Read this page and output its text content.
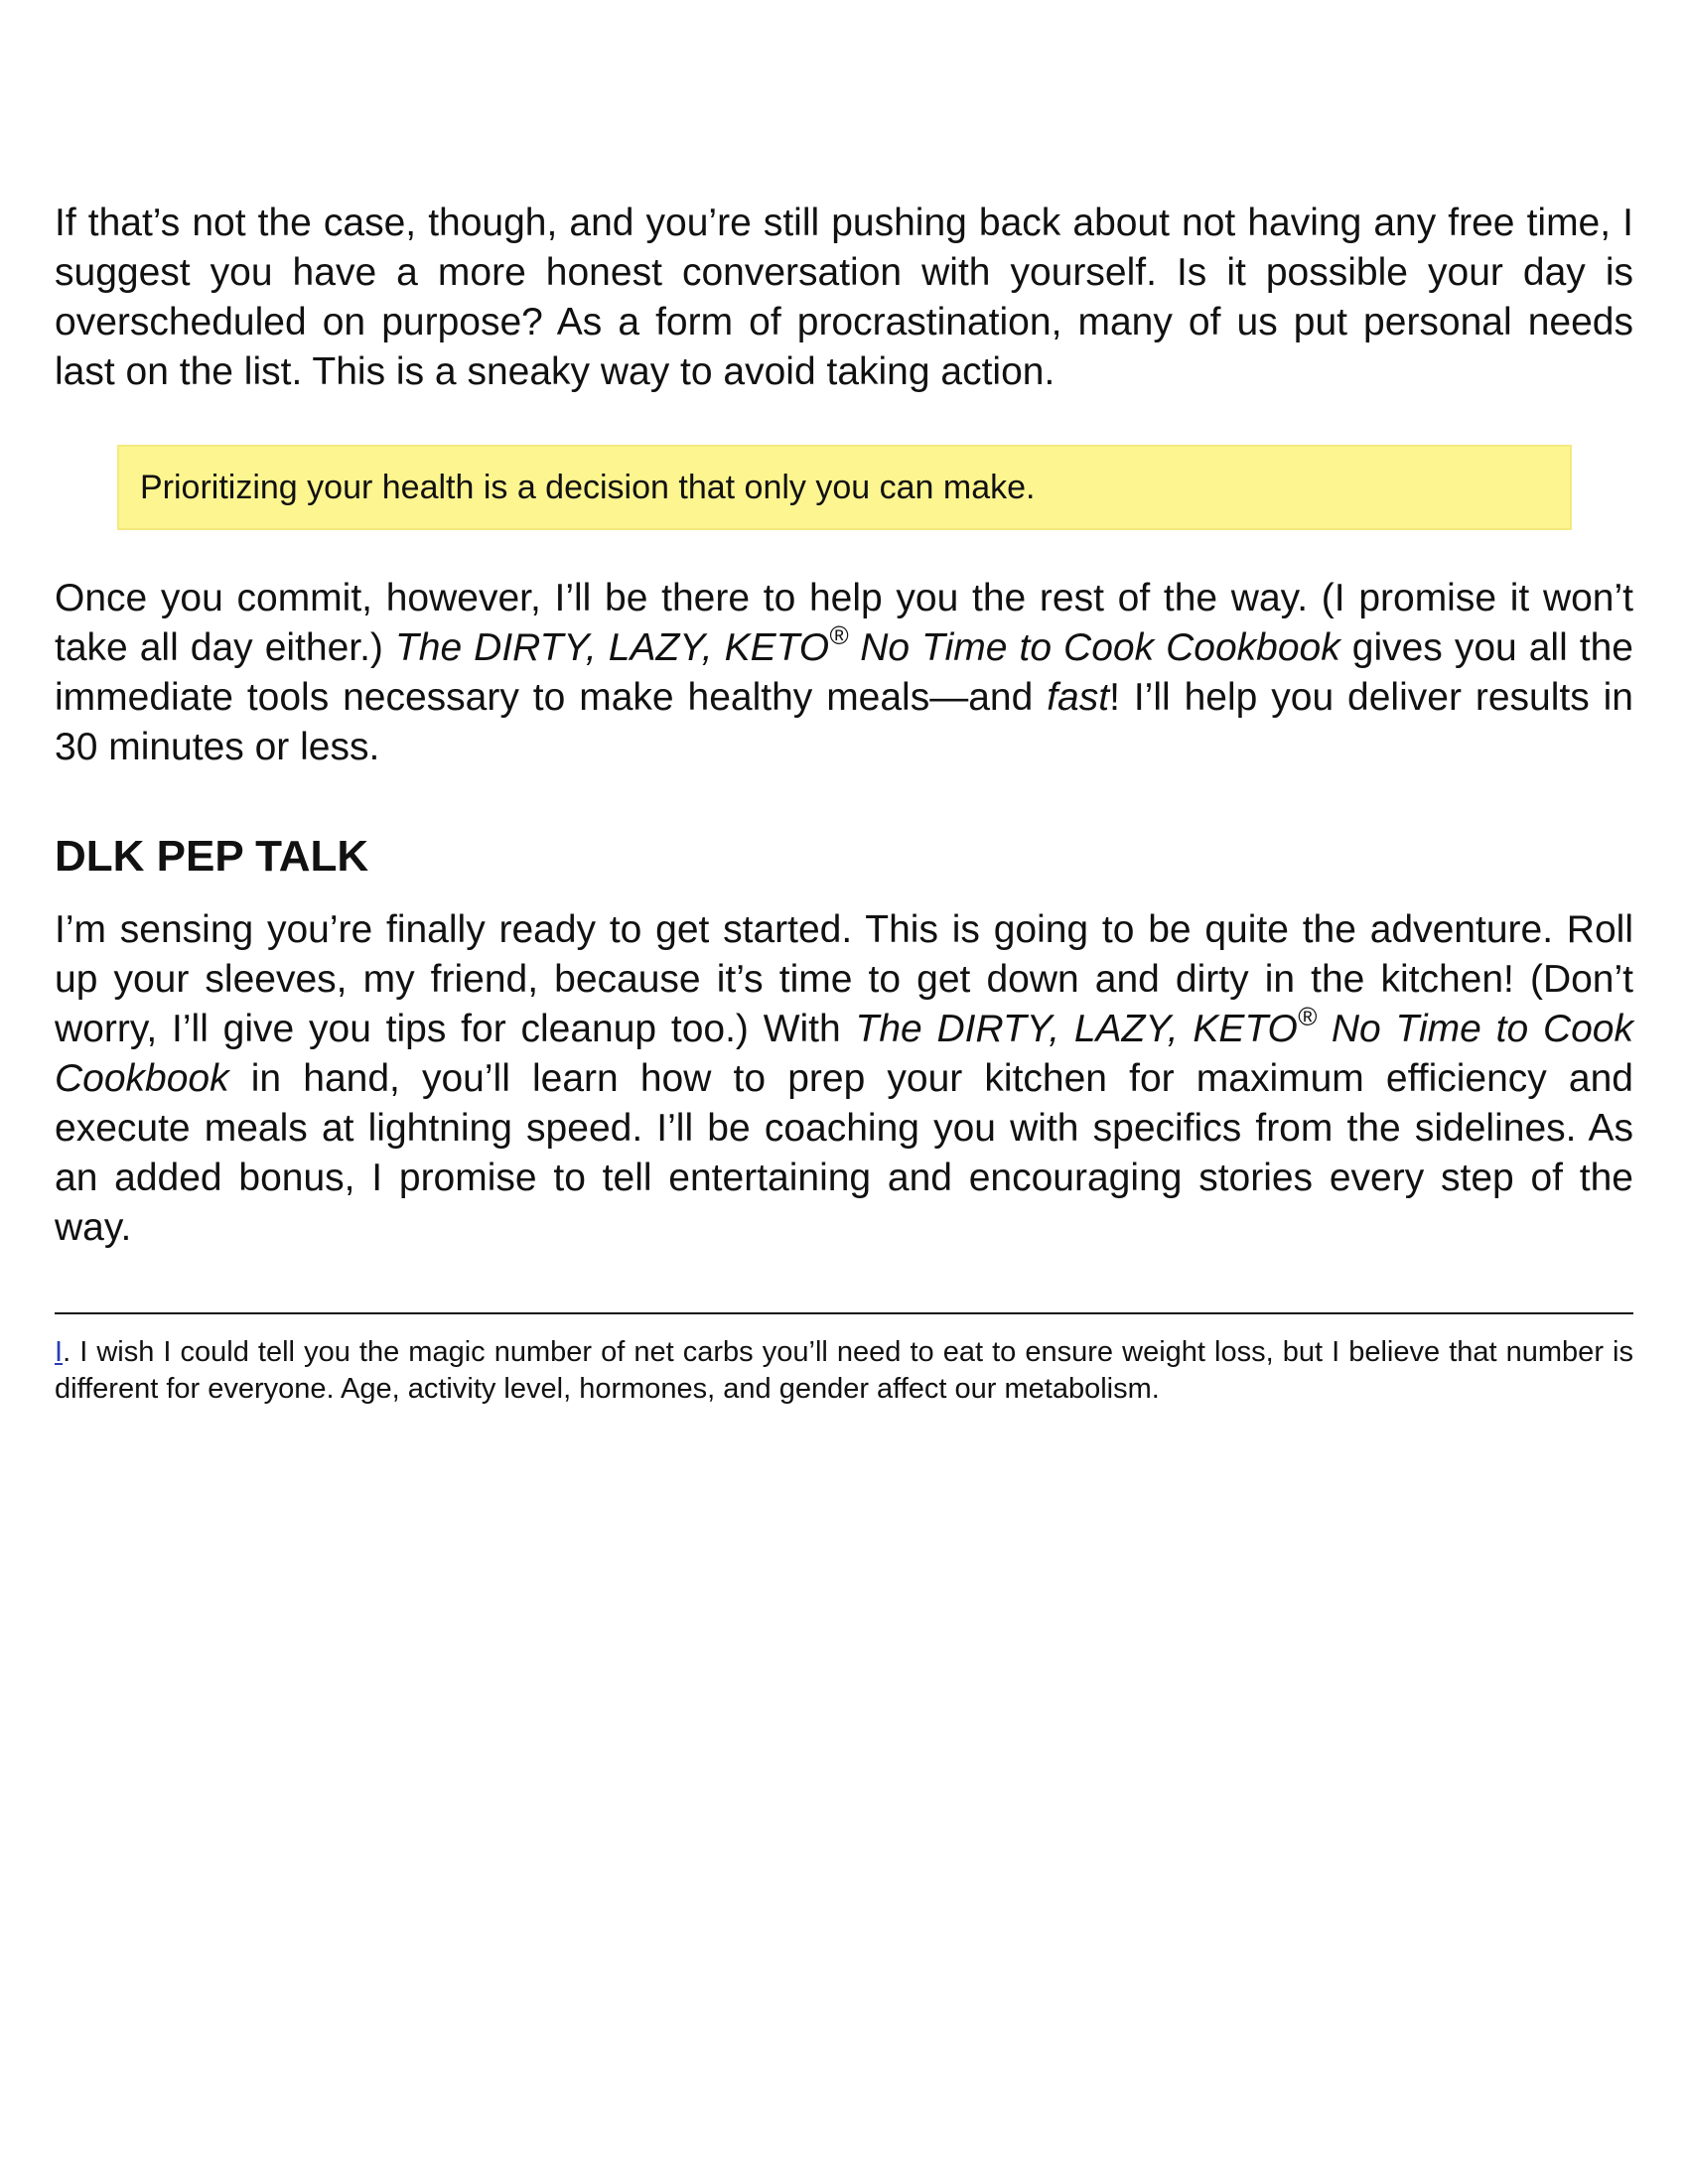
If that’s not the case, though, and you’re still pushing back about not having any free time, I suggest you have a more honest conversation with yourself. Is it possible your day is overscheduled on purpose? As a form of procrastination, many of us put personal needs last on the list. This is a sneaky way to avoid taking action.

Prioritizing your health is a decision that only you can make.

Once you commit, however, I’ll be there to help you the rest of the way. (I promise it won’t take all day either.) The DIRTY, LAZY, KETO® No Time to Cook Cookbook gives you all the immediate tools necessary to make healthy meals—and fast! I’ll help you deliver results in 30 minutes or less.

DLK PEP TALK

I’m sensing you’re finally ready to get started. This is going to be quite the adventure. Roll up your sleeves, my friend, because it’s time to get down and dirty in the kitchen! (Don’t worry, I’ll give you tips for cleanup too.) With The DIRTY, LAZY, KETO® No Time to Cook Cookbook in hand, you’ll learn how to prep your kitchen for maximum efficiency and execute meals at lightning speed. I’ll be coaching you with specifics from the sidelines. As an added bonus, I promise to tell entertaining and encouraging stories every step of the way.

I. I wish I could tell you the magic number of net carbs you’ll need to eat to ensure weight loss, but I believe that number is different for everyone. Age, activity level, hormones, and gender affect our metabolism.
